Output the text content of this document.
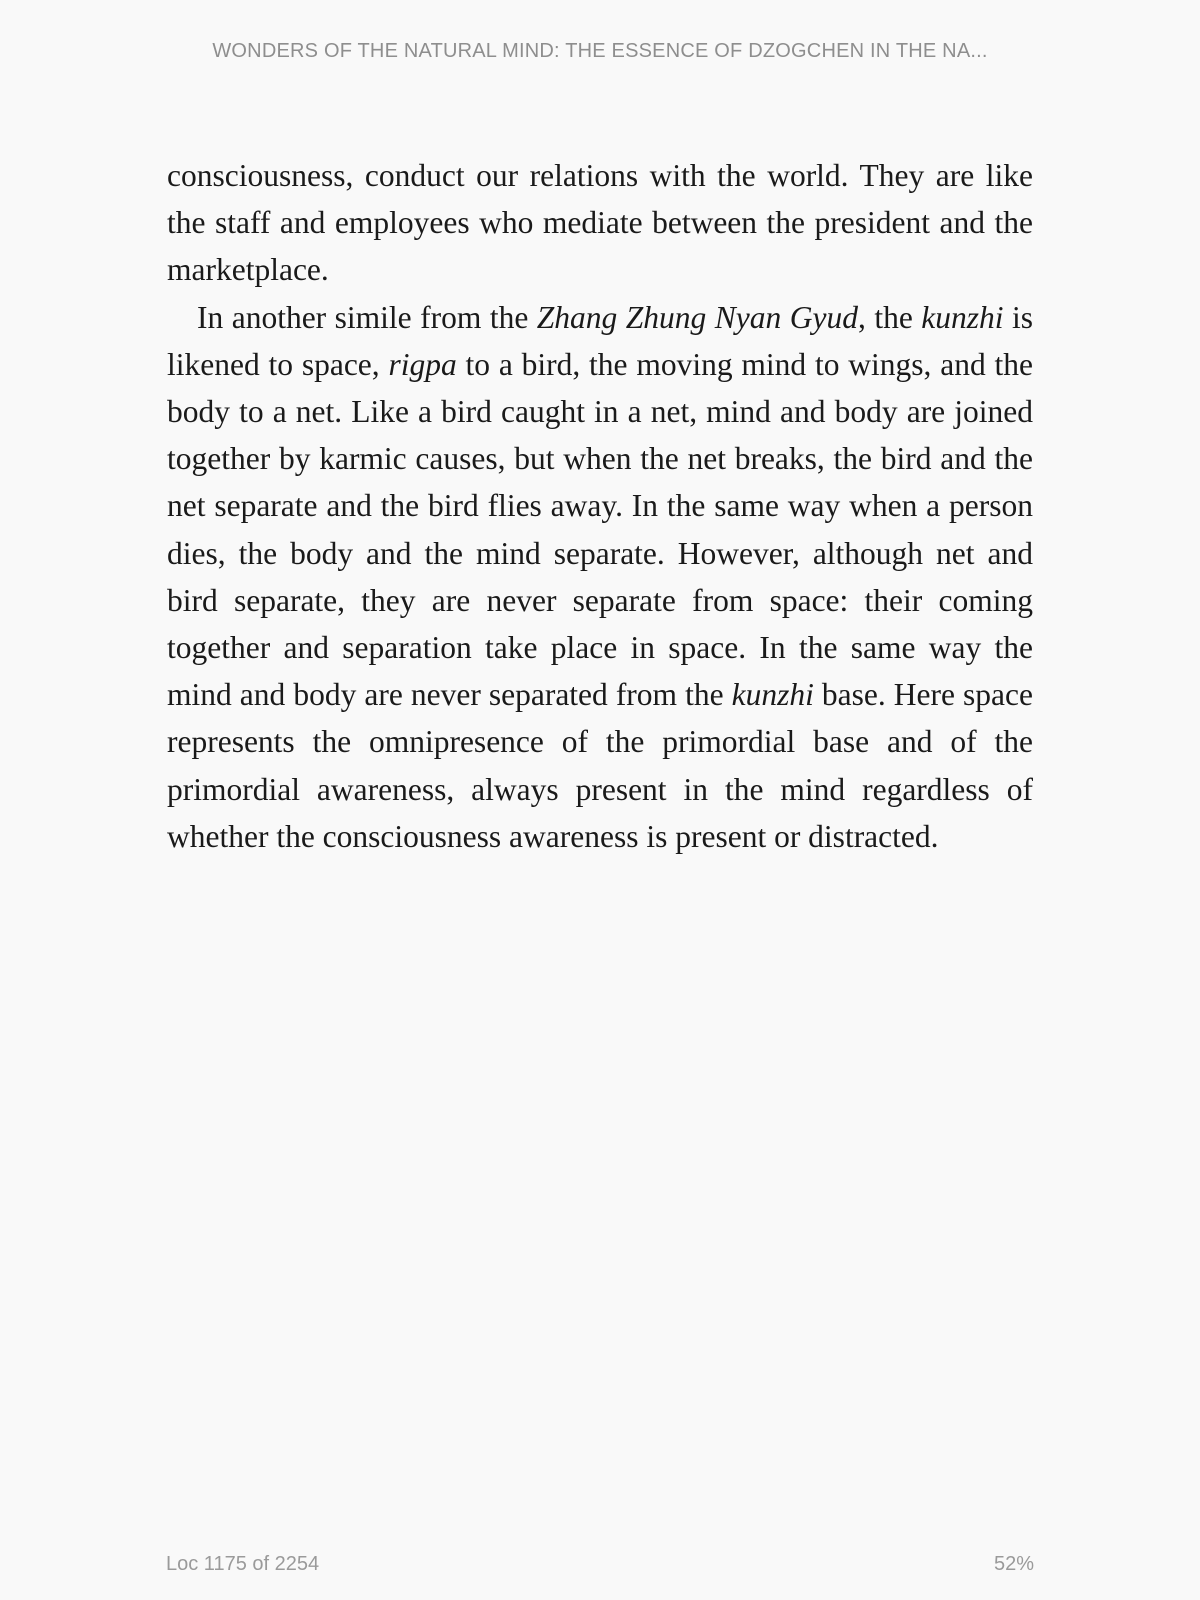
WONDERS OF THE NATURAL MIND: THE ESSENCE OF DZOGCHEN IN THE NA...

consciousness, conduct our relations with the world. They are like the staff and employees who mediate between the president and the marketplace.

In another simile from the Zhang Zhung Nyan Gyud, the kunzhi is likened to space, rigpa to a bird, the moving mind to wings, and the body to a net. Like a bird caught in a net, mind and body are joined together by karmic causes, but when the net breaks, the bird and the net separate and the bird flies away. In the same way when a person dies, the body and the mind separate. However, although net and bird separate, they are never separate from space: their coming together and separation take place in space. In the same way the mind and body are never separated from the kunzhi base. Here space represents the omnipresence of the primordial base and of the primordial awareness, always present in the mind regardless of whether the consciousness awareness is present or distracted.

Loc 1175 of 2254	52%
